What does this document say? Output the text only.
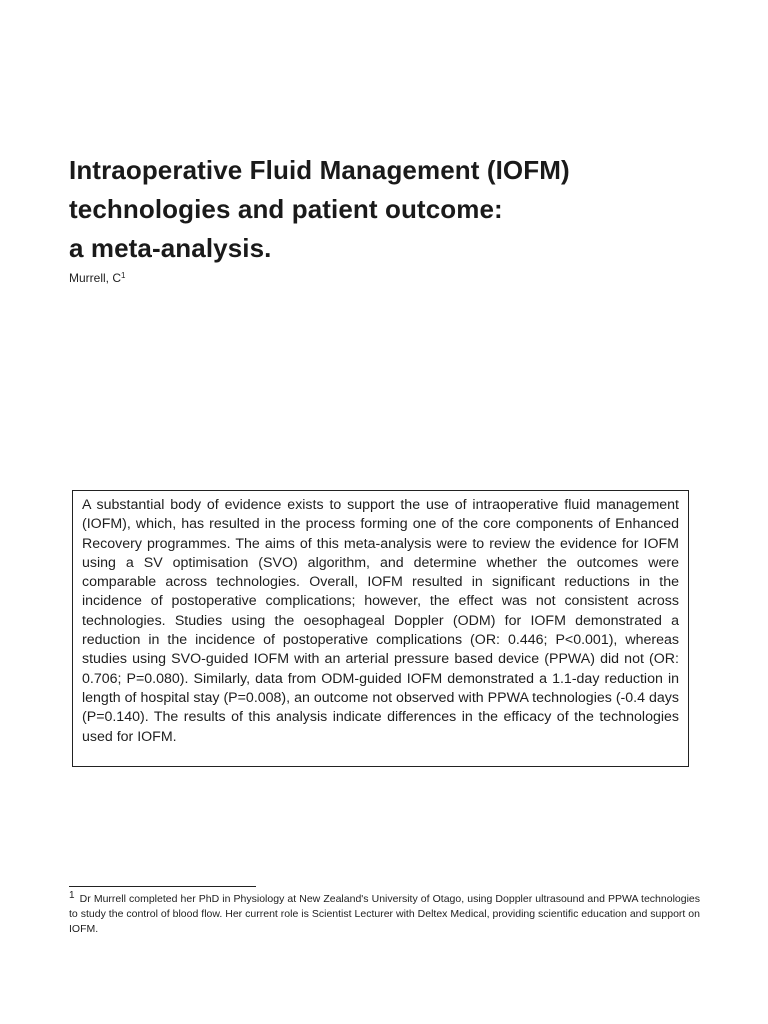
Intraoperative Fluid Management (IOFM)
technologies and patient outcome:
a meta-analysis.
Murrell, $C^1$

A substantial body of evidence exists to support the use of intraoperative fluid management (IOFM), which, has resulted in the process forming one of the core components of Enhanced Recovery programmes. The aims of this meta-analysis were to review the evidence for IOFM using a SV optimisation (SVO) algorithm, and determine whether the outcomes were comparable across technologies. Overall, IOFM resulted in significant reductions in the incidence of postoperative complications; however, the effect was not consistent across technologies. Studies using the oesophageal Doppler (ODM) for IOFM demonstrated a reduction in the incidence of postoperative complications (OR: 0.446; P<0.001), whereas studies using SVO-guided IOFM with an arterial pressure based device (PPWA) did not (OR: 0.706; P=0.080). Similarly, data from ODM-guided IOFM demonstrated a 1.1-day reduction in length of hospital stay (P=0.008), an outcome not observed with PPWA technologies (-0.4 days (P=0.140). The results of this analysis indicate differences in the efficacy of the technologies used for IOFM.

$^1$ Dr Murrell completed her PhD in Physiology at New Zealand's University of Otago, using Doppler ultrasound and PPWA technologies to study the control of blood flow. Her current role is Scientist Lecturer with Deltex Medical, providing scientific education and support on IOFM.
